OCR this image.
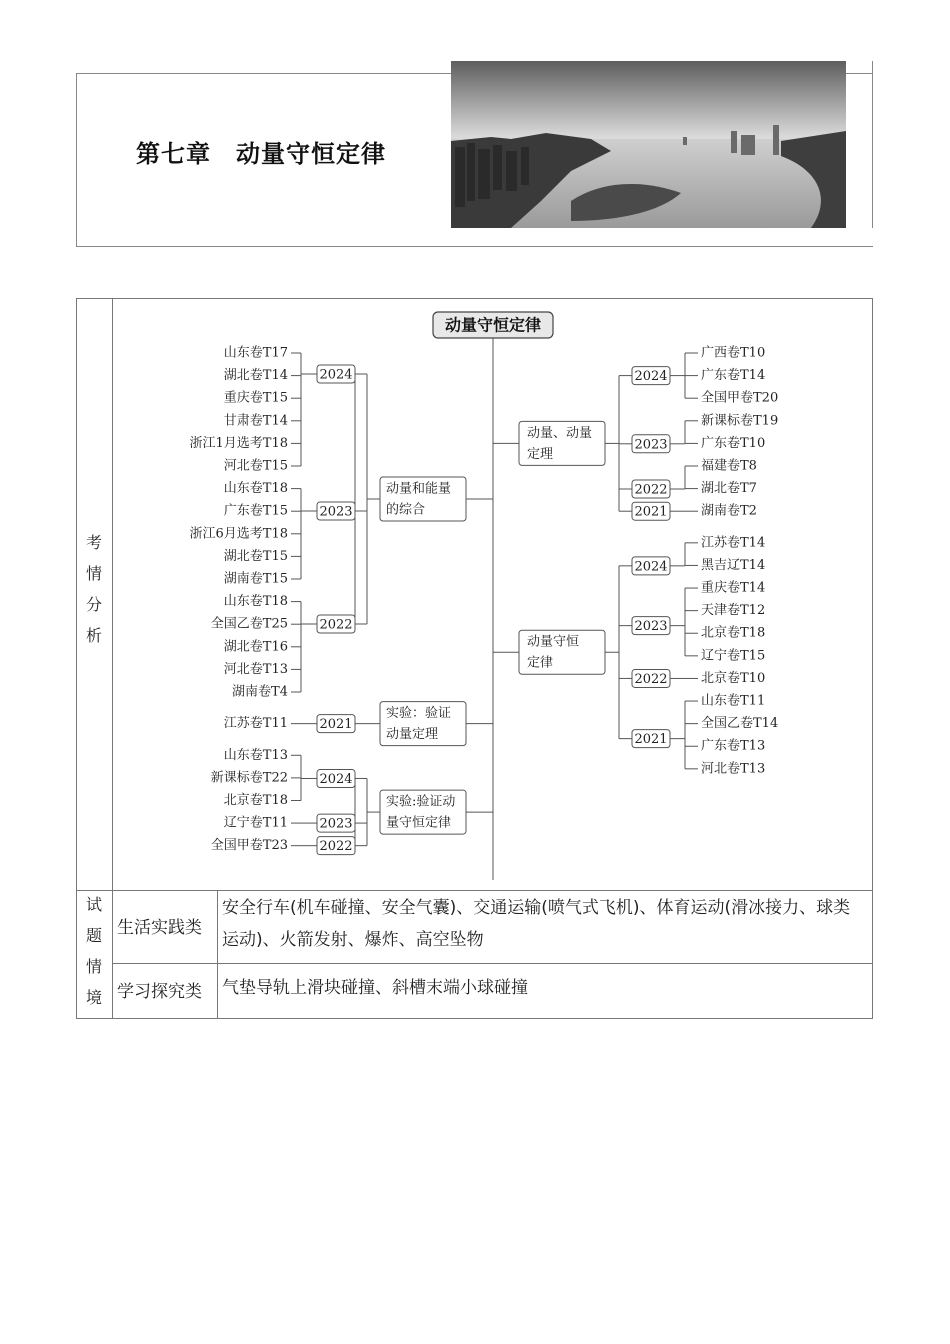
第七章　动量守恒定律
考
情
分
析
试
题
情
境
生活实践类
安全行车(机车碰撞、安全气囊)、交通运输(喷气式飞机)、体育运动(滑冰接力、球类
运动)、火箭发射、爆炸、高空坠物
学习探究类 气垫导轨上滑块碰撞、斜槽末端小球碰撞
动量守恒定律
山东卷T17
湖北卷T14
重庆卷T15
甘肃卷T14
浙江1月选考T18
河北卷T15
2024
山东卷T18
广东卷T15
浙江6月选考T18
湖北卷T15
湖南卷T15
2023
山东卷T18
全国乙卷T25
湖北卷T16
河北卷T13
湖南卷T4
2022
动量和能量
的综合
江苏卷T11 2021
实验：验证
动量定理
山东卷T13
新课标卷T22
北京卷T18
2024
辽宁卷T11 2023
全国甲卷T23 2022
实验:验证动
量守恒定律
广西卷T10
广东卷T14
全国甲卷T20
2024
新课标卷T19
广东卷T10
2023
福建卷T8
湖北卷T7
2022
湖南卷T2
2021
动量、动量
定理
江苏卷T14
黑吉辽T14
2024
重庆卷T14
天津卷T12
北京卷T18
辽宁卷T15
2023
北京卷T10
2022
山东卷T11
全国乙卷T14
广东卷T13
河北卷T13
2021
动量守恒
定律
